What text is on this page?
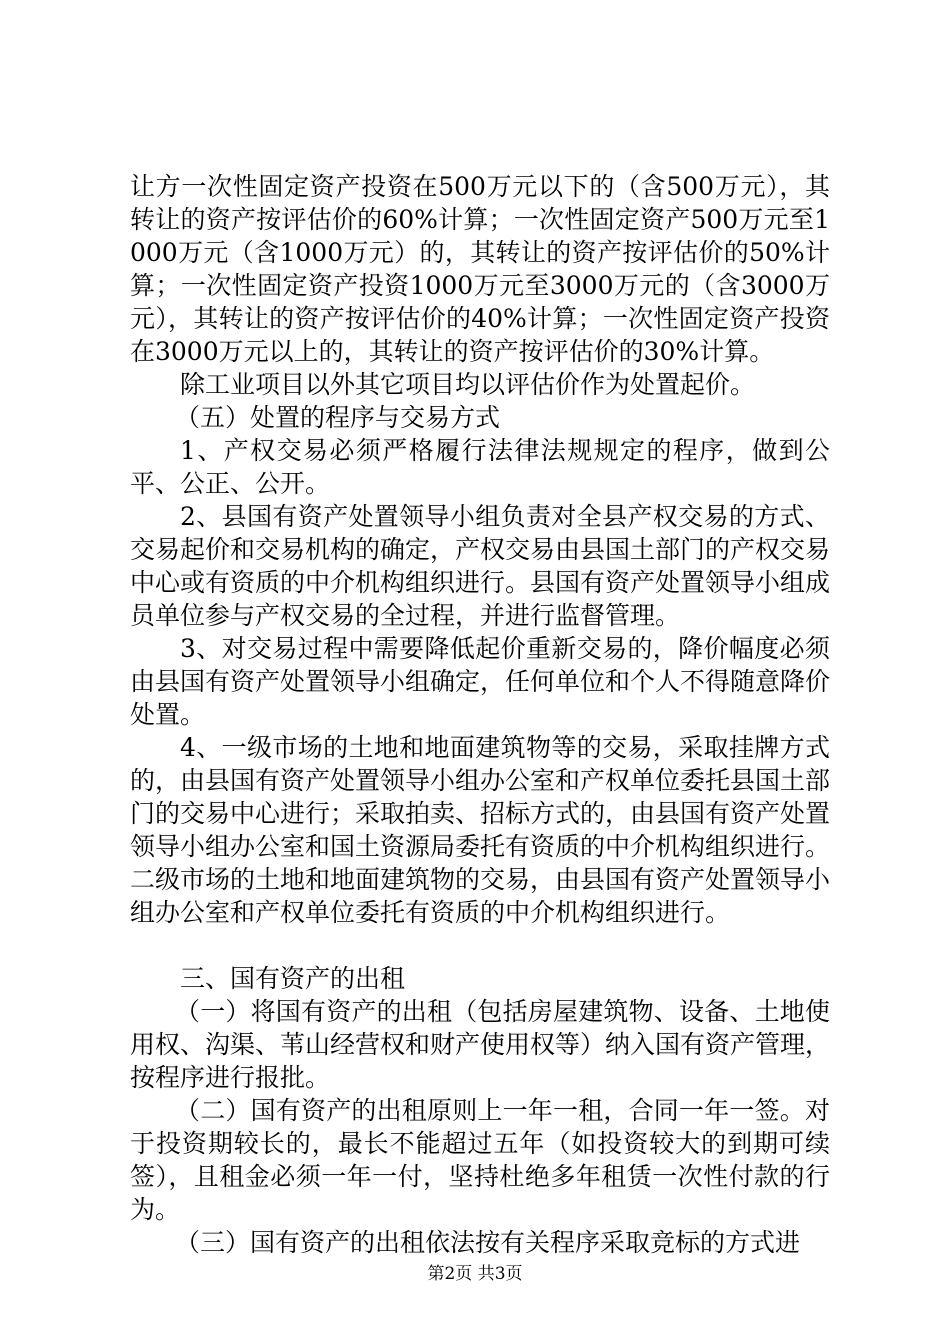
让方一次性固定资产投资在500万元以下的（含500万元），其转让的资产按评估价的60%计算；一次性固定资产500万元至1000万元（含1000万元）的，其转让的资产按评估价的50%计算；一次性固定资产投资1000万元至3000万元的（含3000万元），其转让的资产按评估价的40%计算；一次性固定资产投资在3000万元以上的，其转让的资产按评估价的30%计算。

除工业项目以外其它项目均以评估价作为处置起价。

（五）处置的程序与交易方式

1、产权交易必须严格履行法律法规规定的程序，做到公平、公正、公开。

2、县国有资产处置领导小组负责对全县产权交易的方式、交易起价和交易机构的确定，产权交易由县国土部门的产权交易中心或有资质的中介机构组织进行。县国有资产处置领导小组成员单位参与产权交易的全过程，并进行监督管理。

3、对交易过程中需要降低起价重新交易的，降价幅度必须由县国有资产处置领导小组确定，任何单位和个人不得随意降价处置。

4、一级市场的土地和地面建筑物等的交易，采取挂牌方式的，由县国有资产处置领导小组办公室和产权单位委托县国土部门的交易中心进行；采取拍卖、招标方式的，由县国有资产处置领导小组办公室和国土资源局委托有资质的中介机构组织进行。二级市场的土地和地面建筑物的交易，由县国有资产处置领导小组办公室和产权单位委托有资质的中介机构组织进行。

三、国有资产的出租

（一）将国有资产的出租（包括房屋建筑物、设备、土地使用权、沟渠、苇山经营权和财产使用权等）纳入国有资产管理，按程序进行报批。

（二）国有资产的出租原则上一年一租，合同一年一签。对于投资期较长的，最长不能超过五年（如投资较大的到期可续签），且租金必须一年一付，坚持杜绝多年租赁一次性付款的行为。

（三）国有资产的出租依法按有关程序采取竞标的方式进

第2页 共3页
